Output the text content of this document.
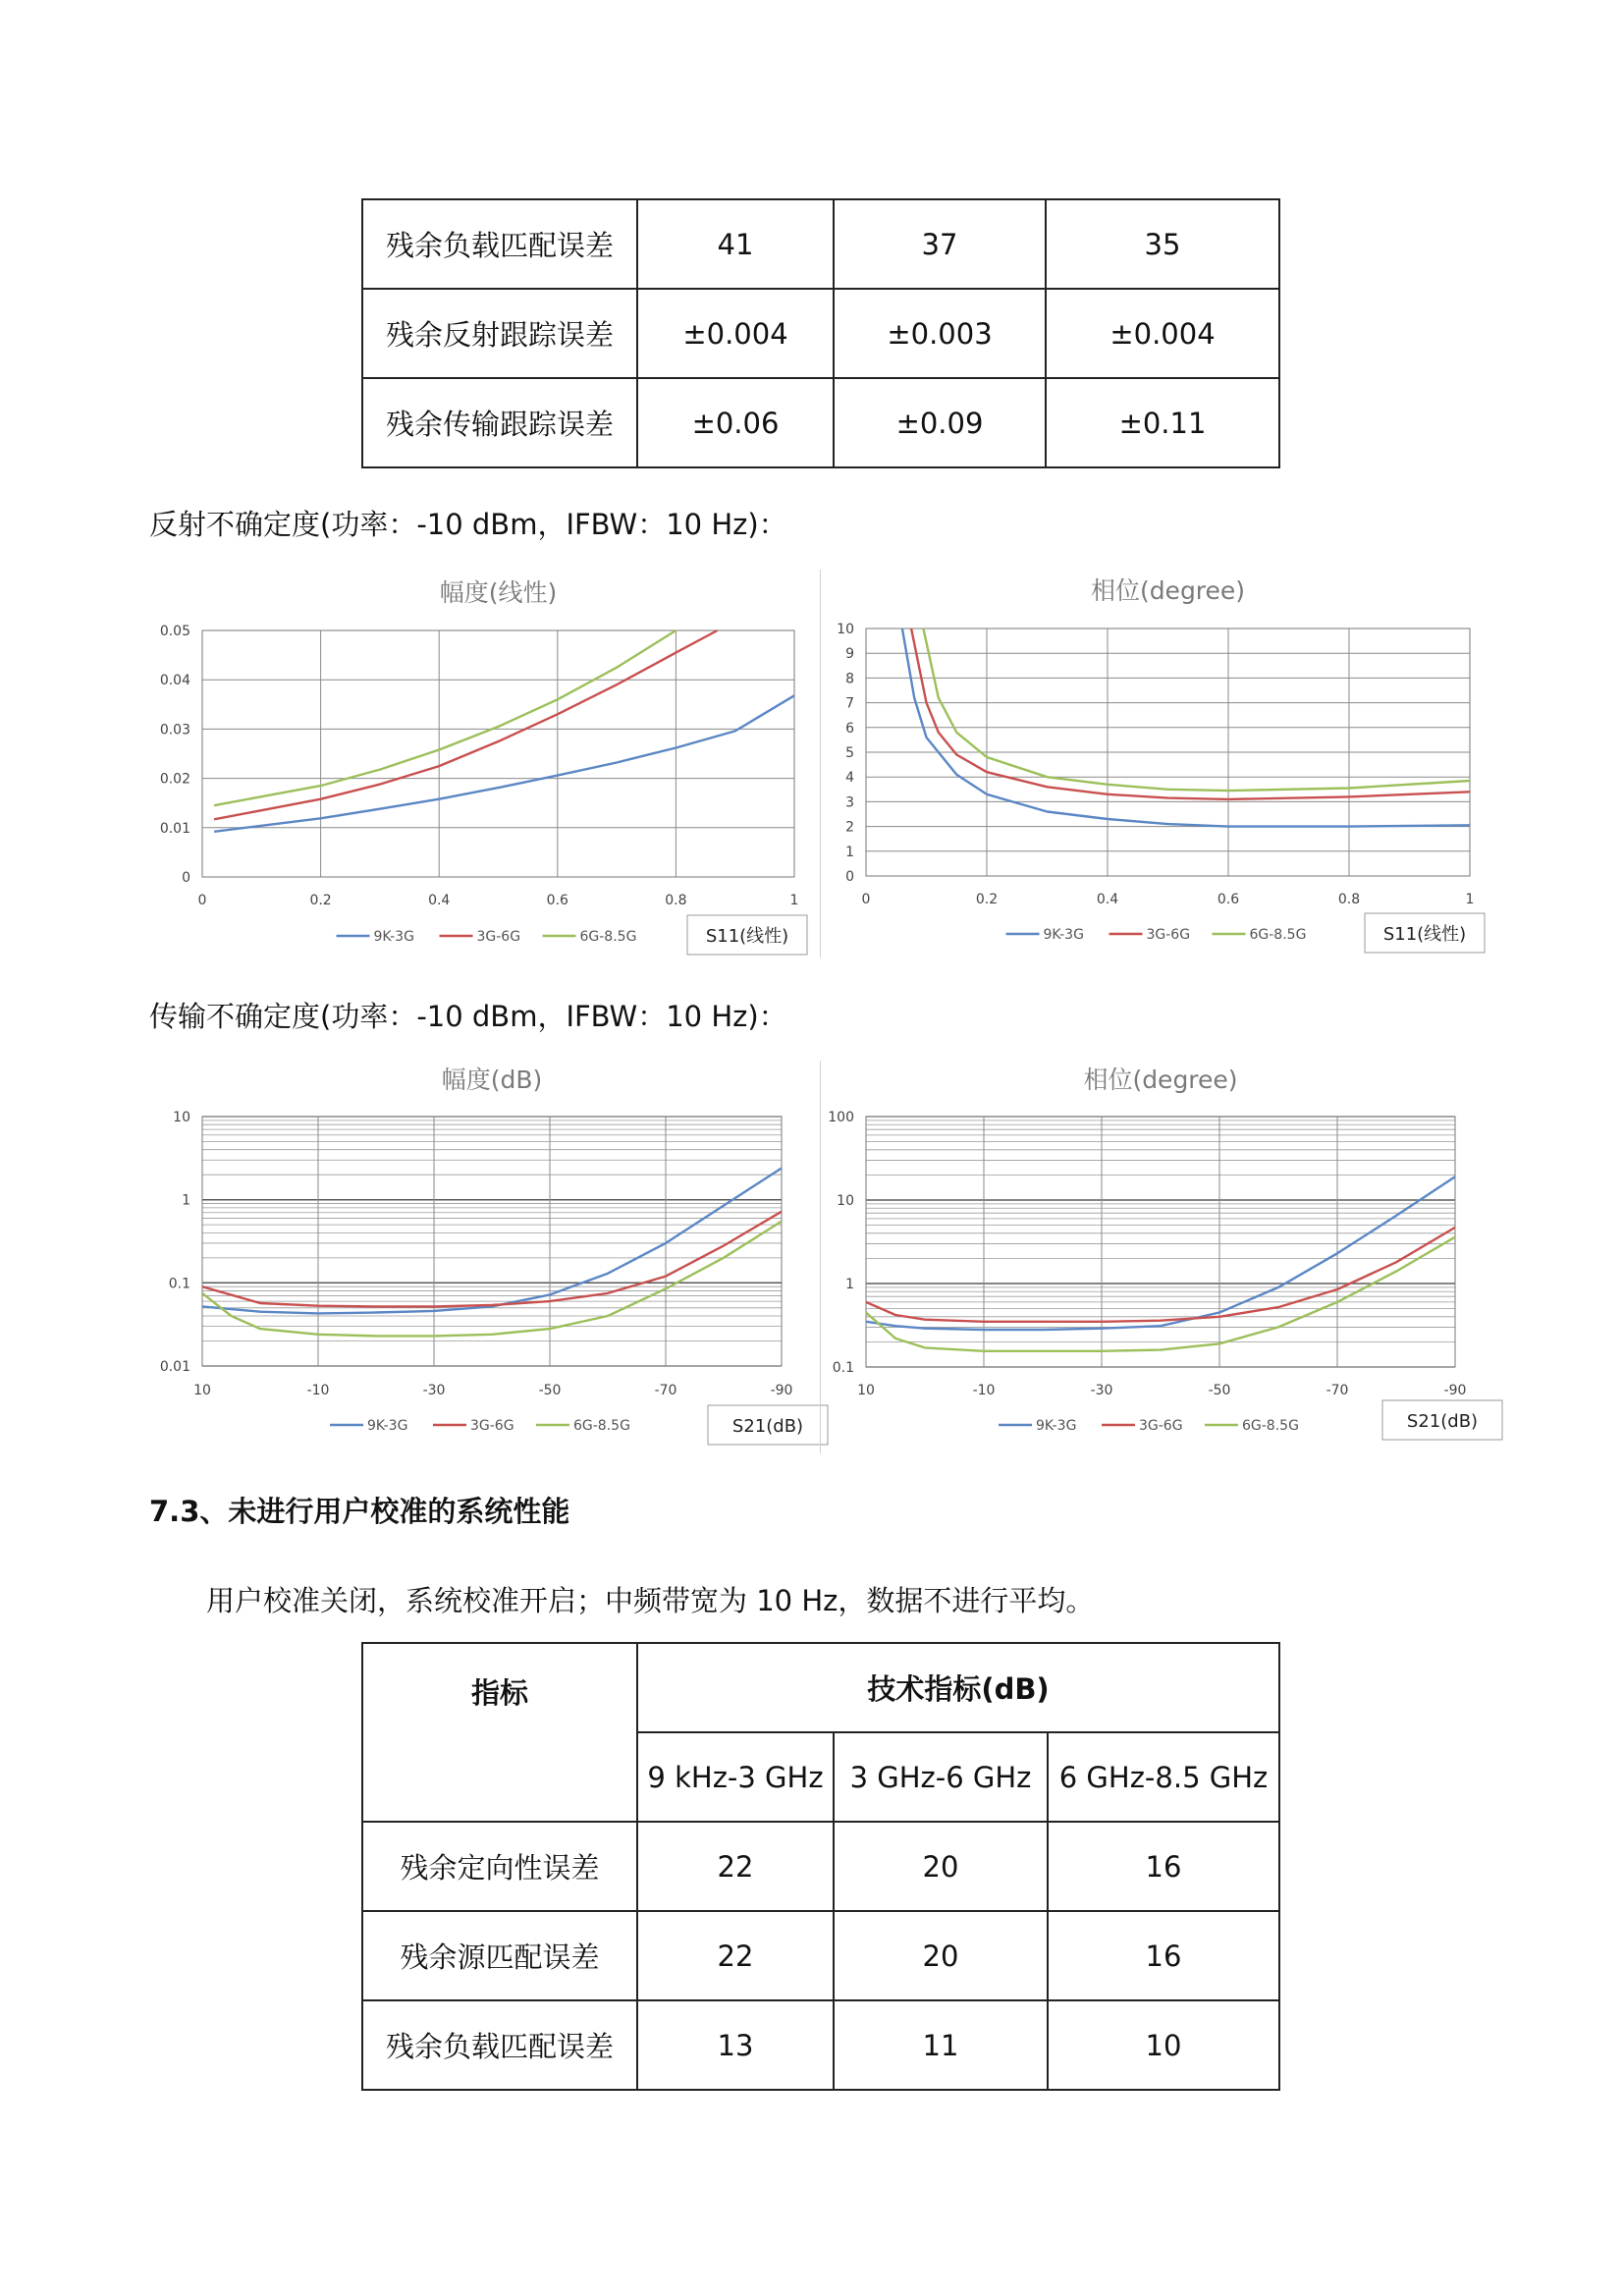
残余负载匹配误差	41	37	35
残余反射跟踪误差	±0.004	±0.003	±0.004
残余传输跟踪误差	±0.06	±0.09	±0.11
反射不确定度(功率：-10 dBm，IFBW：10 Hz)：
幅度(线性)
0
0.01
0.02
0.03
0.04
0.05
0	0.2	0.4	0.6	0.8	1
9K-3G	3G-6G	6G-8.5G	S11(线性)
相位(degree)
0
1
2
3
4
5
6
7
8
9
10
0	0.2	0.4	0.6	0.8	1
9K-3G	3G-6G	6G-8.5G	S11(线性)
传输不确定度(功率：-10 dBm，IFBW：10 Hz)：
幅度(dB)
0.01
0.1
1
10
10	-10	-30	-50	-70	-90
9K-3G	3G-6G	6G-8.5G	S21(dB)
相位(degree)
0.1
1
10
100
10	-10	-30	-50	-70	-90
9K-3G	3G-6G	6G-8.5G	S21(dB)
7.3、未进行用户校准的系统性能
用户校准关闭，系统校准开启；中频带宽为 10 Hz，数据不进行平均。
指标	技术指标(dB)		
	9 kHz-3 GHz	3 GHz-6 GHz	6 GHz-8.5 GHz
残余定向性误差	22	20	16
残余源匹配误差	22	20	16
残余负载匹配误差	13	11	10
